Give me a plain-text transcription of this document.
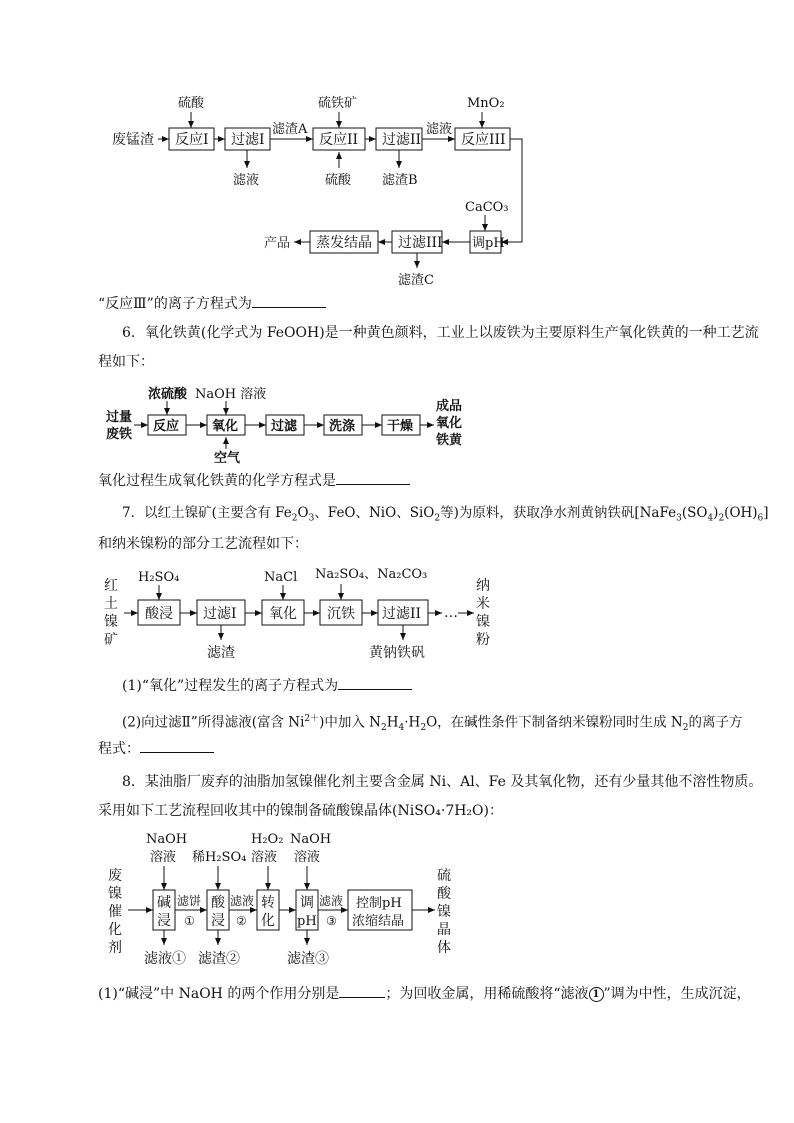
废锰渣 反应I
硫酸
过滤I
滤液
滤渣A
反应II
硫铁矿
硫酸
过滤II
滤渣B
滤液
反应III
MnO₂
调pH
CaCO₃
过滤III
滤渣C
蒸发结晶
产品
“反应Ⅲ”的离子方程式为
6．氧化铁黄(化学式为 FeOOH)是一种黄色颜料，工业上以废铁为主要原料生产氧化铁黄的一种工艺流
程如下：
过量
废铁
反应
浓硫酸
氧化
NaOH 溶液
空气
过滤 洗涤 干燥
成品
氧化
铁黄
氧化过程生成氧化铁黄的化学方程式是
7．以红土镍矿(主要含有 $Fe_2O_3$、FeO、NiO、SiO$_2$等)为原料，获取净水剂黄钠铁矾$[NaFe_3(SO_4)_2(OH)_6]$
和纳米镍粉的部分工艺流程如下：
红
土
镍
矿
酸浸
H₂SO₄
过滤I
滤渣
氧化
NaCl
沉铁
Na₂SO₄、Na₂CO₃
过滤II
黄钠铁矾
…
纳
米
镍
粉
(1)“氧化”过程发生的离子方程式为
(2)向过滤Ⅱ”所得滤液(富含 $Ni^{2+}$)中加入 $N_2H_4\cdot H_2O$，在碱性条件下制备纳米镍粉同时生成 $N_2$的离子方
程式：
8．某油脂厂废弃的油脂加氢镍催化剂主要含金属 Ni、Al、Fe 及其氧化物，还有少量其他不溶性物质。
采用如下工艺流程回收其中的镍制备硫酸镍晶体(NiSO₄·7H₂O)：
废
镍
催
化
剂
碱
浸
NaOH
溶液
滤液①
滤饼
①
酸
浸
稀H₂SO₄
滤渣②
滤液
②
转
化
H₂O₂
溶液
调
pH
NaOH
溶液
滤渣③
滤液
③
控制pH
浓缩结晶
硫
酸
镍
晶
体
(1)“碱浸”中 NaOH 的两个作用分别是	；为回收金属，用稀硫酸将“滤液 1 ”调为中性，生成沉淀，
